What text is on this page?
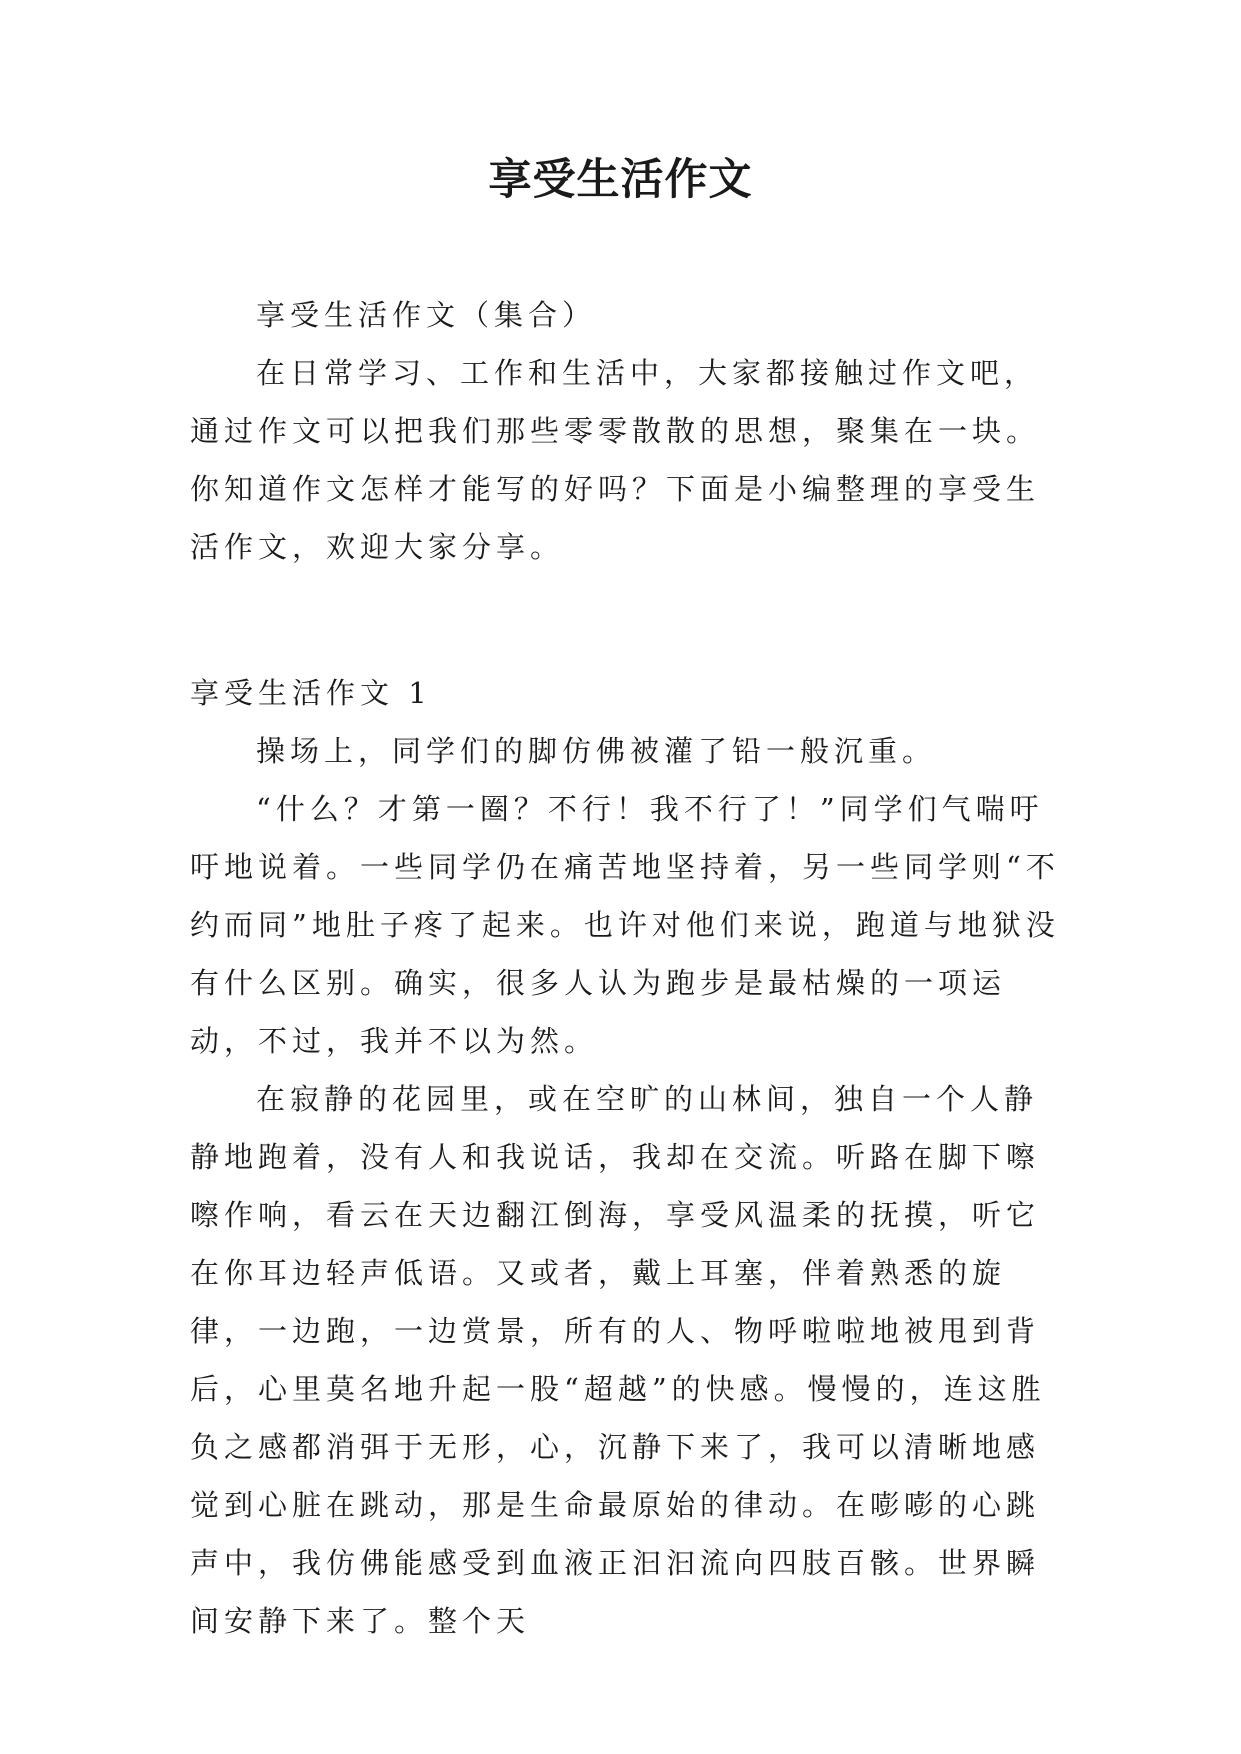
享受生活作文

享受生活作文（集合）

在日常学习、工作和生活中，大家都接触过作文吧，通过作文可以把我们那些零零散散的思想，聚集在一块。你知道作文怎样才能写的好吗？下面是小编整理的享受生活作文，欢迎大家分享。

享受生活作文 1

操场上，同学们的脚仿佛被灌了铅一般沉重。

“什么？才第一圈？不行！我不行了！”同学们气喘吁吁地说着。一些同学仍在痛苦地坚持着，另一些同学则“不约而同”地肚子疼了起来。也许对他们来说，跑道与地狱没有什么区别。确实，很多人认为跑步是最枯燥的一项运动，不过，我并不以为然。

在寂静的花园里，或在空旷的山林间，独自一个人静静地跑着，没有人和我说话，我却在交流。听路在脚下嚓嚓作响，看云在天边翻江倒海，享受风温柔的抚摸，听它在你耳边轻声低语。又或者，戴上耳塞，伴着熟悉的旋律，一边跑，一边赏景，所有的人、物呼啦啦地被甩到背后，心里莫名地升起一股“超越”的快感。慢慢的，连这胜负之感都消弭于无形，心，沉静下来了，我可以清晰地感觉到心脏在跳动，那是生命最原始的律动。在嘭嘭的心跳声中，我仿佛能感受到血液正汩汩流向四肢百骸。世界瞬间安静下来了。整个天
